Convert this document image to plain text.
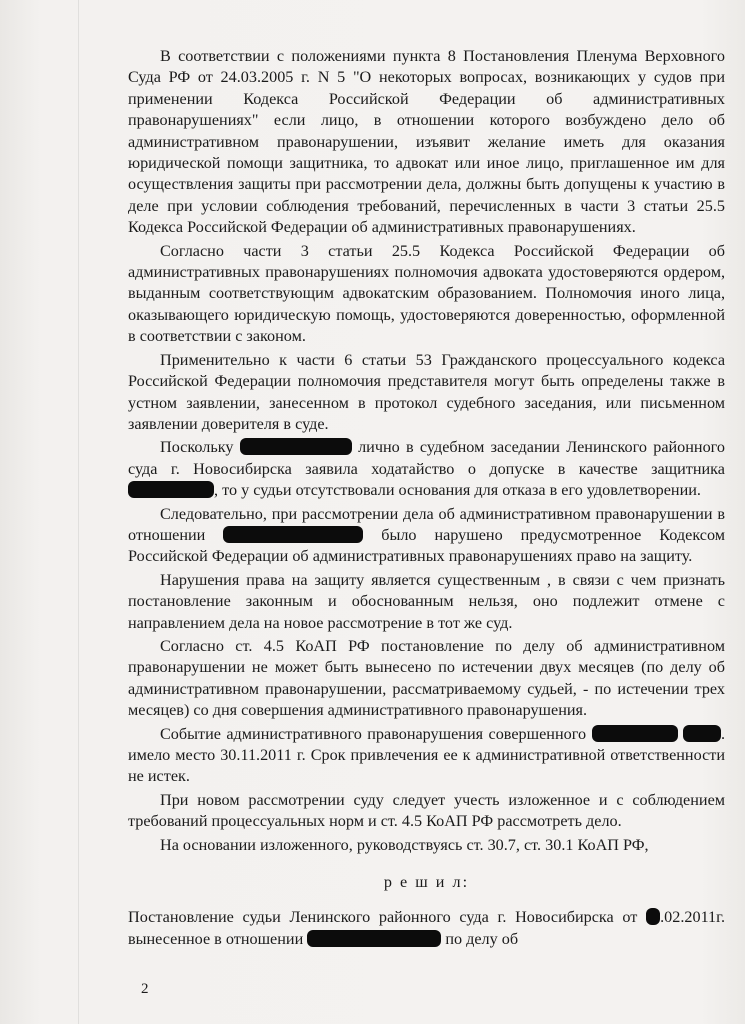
В соответствии с положениями пункта 8 Постановления Пленума Верховного Суда РФ от 24.03.2005 г. N 5 "О некоторых вопросах, возникающих у судов при применении Кодекса Российской Федерации об административных правонарушениях" если лицо, в отношении которого возбуждено дело об административном правонарушении, изъявит желание иметь для оказания юридической помощи защитника, то адвокат или иное лицо, приглашенное им для осуществления защиты при рассмотрении дела, должны быть допущены к участию в деле при условии соблюдения требований, перечисленных в части 3 статьи 25.5 Кодекса Российской Федерации об административных правонарушениях.

Согласно части 3 статьи 25.5 Кодекса Российской Федерации об административных правонарушениях полномочия адвоката удостоверяются ордером, выданным соответствующим адвокатским образованием. Полномочия иного лица, оказывающего юридическую помощь, удостоверяются доверенностью, оформленной в соответствии с законом.

Применительно к части 6 статьи 53 Гражданского процессуального кодекса Российской Федерации полномочия представителя могут быть определены также в устном заявлении, занесенном в протокол судебного заседания, или письменном заявлении доверителя в суде.

Поскольку	лично в судебном заседании Ленинского районного суда г. Новосибирска заявила ходатайство о допуске в качестве защитника, то у судьи отсутствовали основания для отказа в его удовлетворении.

Следовательно, при рассмотрении дела об административном правонарушении в отношении	было нарушено предусмотренное Кодексом Российской Федерации об административных правонарушениях право на защиту.

Нарушения права на защиту является существенным , в связи с чем признать постановление законным и обоснованным нельзя, оно подлежит отмене с направлением дела на новое рассмотрение в тот же суд.

Согласно ст. 4.5 КоАП РФ постановление по делу об административном правонарушении не может быть вынесено по истечении двух месяцев (по делу об административном правонарушении, рассматриваемому судьей, - по истечении трех месяцев) со дня совершения административного правонарушения.

Событие административного правонарушения совершенного	. имело место 30.11.2011 г. Срок привлечения ее к административной ответственности не истек.

При новом рассмотрении суду следует учесть изложенное и с соблюдением требований процессуальных норм и ст. 4.5 КоАП РФ рассмотреть дело.

На основании изложенного, руководствуясь ст. 30.7, ст. 30.1 КоАП РФ,

р е ш и л:

Постановление судьи Ленинского районного суда г. Новосибирска от .02.2011г. вынесенное в отношении	по делу об

2
